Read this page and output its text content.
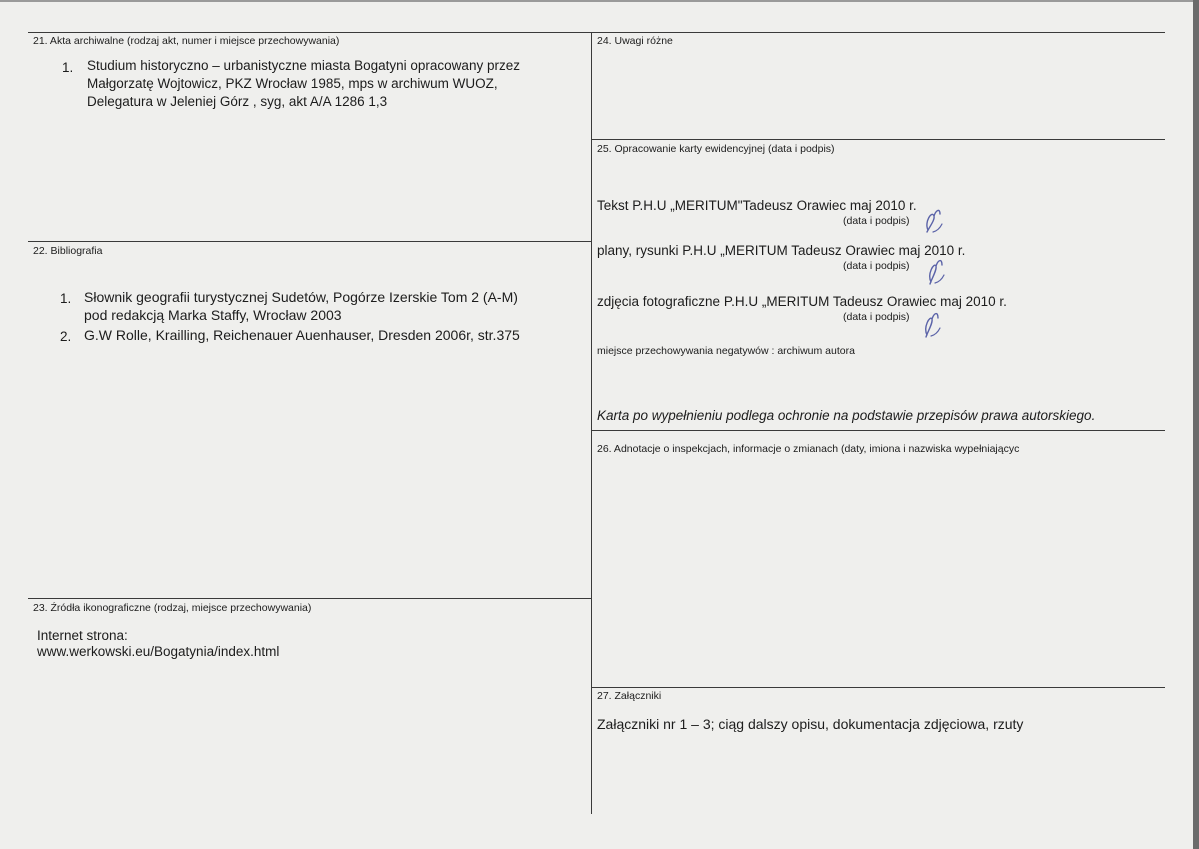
21. Akta archiwalne (rodzaj akt, numer i miejsce przechowywania)
1. Studium historyczno – urbanistyczne miasta Bogatyni opracowany przez
Małgorzatę Wojtowicz, PKZ Wrocław 1985, mps w archiwum WUOZ,
Delegatura w Jeleniej Górz , syg, akt A/A 1286 1,3
22. Bibliografia
1. Słownik geografii turystycznej Sudetów, Pogórze Izerskie Tom 2 (A-M)
pod redakcją Marka Staffy, Wrocław 2003
2. G.W Rolle, Krailling, Reichenauer Auenhauser, Dresden 2006r, str.375
23. Źródła ikonograficzne (rodzaj, miejsce przechowywania)
Internet strona:
www.werkowski.eu/Bogatynia/index.html
24. Uwagi różne
25. Opracowanie karty ewidencyjnej (data i podpis)
Tekst P.H.U „MERITUM"Tadeusz Orawiec maj 2010 r.
(data i podpis)
plany, rysunki P.H.U „MERITUM Tadeusz Orawiec maj 2010 r.
(data i podpis)
zdjęcia fotograficzne P.H.U „MERITUM Tadeusz Orawiec maj 2010 r.
(data i podpis)
miejsce przechowywania negatywów : archiwum autora
Karta po wypełnieniu podlega ochronie na podstawie przepisów prawa autorskiego.
26. Adnotacje o inspekcjach, informacje o zmianach (daty, imiona i nazwiska wypełniającyc
27. Załączniki
Załączniki nr 1 – 3; ciąg dalszy opisu, dokumentacja zdjęciowa, rzuty
